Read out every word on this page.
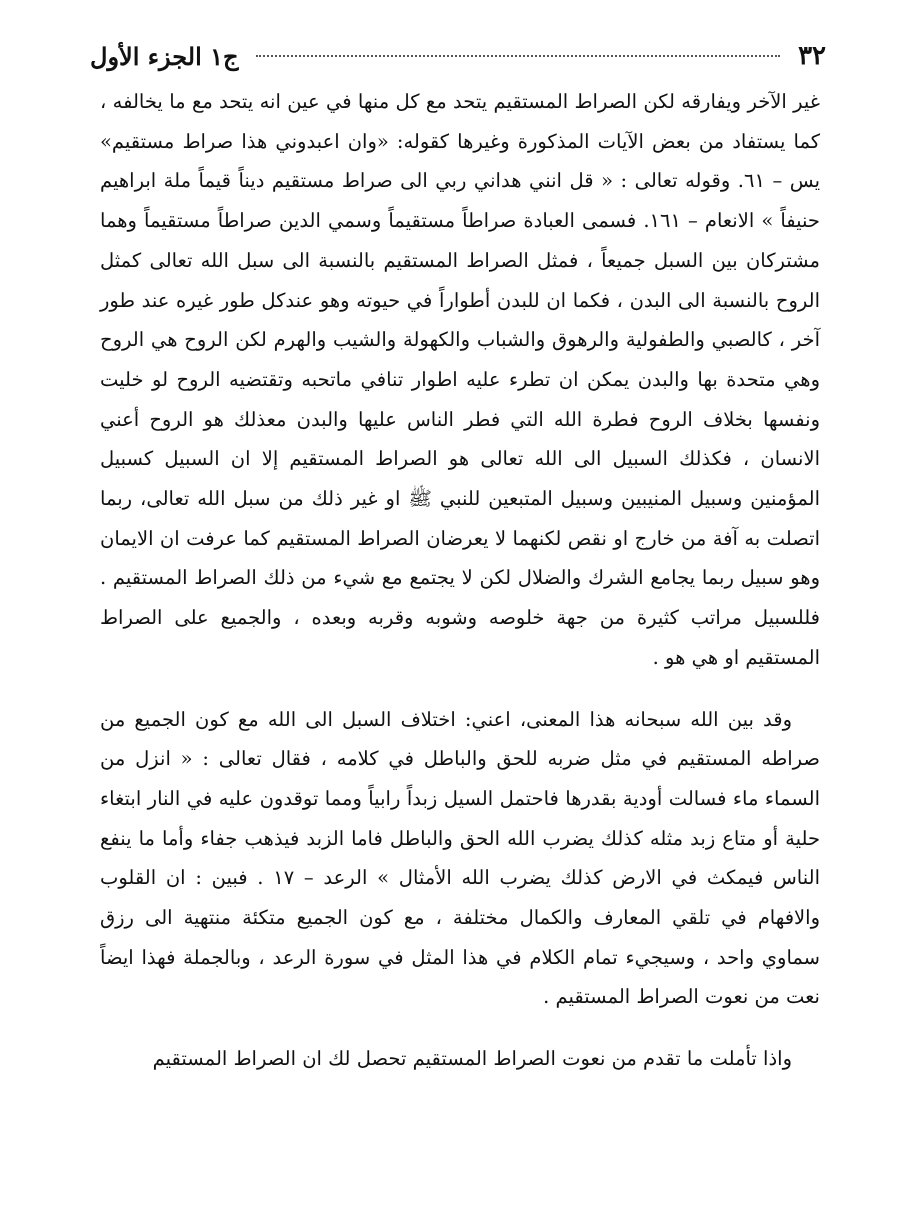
٣٢
ج١ الجزء الأول

غير الآخر ويفارقه لكن الصراط المستقيم يتحد مع كل منها في عين انه يتحد مع ما يخالفه ، كما يستفاد من بعض الآيات المذكورة وغيرها كقوله: «وان اعبدوني هذا صراط مستقيم» يس – ٦١. وقوله تعالى : « قل انني هداني ربي الى صراط مستقيم ديناً قيماً ملة ابراهيم حنيفاً » الانعام – ١٦١. فسمى العبادة صراطاً مستقيماً وسمي الدين صراطاً مستقيماً وهما مشتركان بين السبل جميعاً ، فمثل الصراط المستقيم بالنسبة الى سبل الله تعالى كمثل الروح بالنسبة الى البدن ، فكما ان للبدن أطواراً في حيوته وهو عندكل طور غيره عند طور آخر ، كالصبي والطفولية والرهوق والشباب والكهولة والشيب والهرم لكن الروح هي الروح وهي متحدة بها والبدن يمكن ان تطرء عليه اطوار تنافي ماتحبه وتقتضيه الروح لو خليت ونفسها بخلاف الروح فطرة الله التي فطر الناس عليها والبدن معذلك هو الروح أعني الانسان ، فكذلك السبيل الى الله تعالى هو الصراط المستقيم إلا ان السبيل كسبيل المؤمنين وسبيل المنيبين وسبيل المتبعين للنبي ﷺ او غير ذلك من سبل الله تعالى، ربما اتصلت به آفة من خارج او نقص لكنهما لا يعرضان الصراط المستقيم كما عرفت ان الايمان وهو سبيل ربما يجامع الشرك والضلال لكن لا يجتمع مع شيء من ذلك الصراط المستقيم . فللسبيل مراتب كثيرة من جهة خلوصه وشوبه وقربه وبعده ، والجميع على الصراط المستقيم او هي هو .

وقد بين الله سبحانه هذا المعنى، اعني: اختلاف السبل الى الله مع كون الجميع من صراطه المستقيم في مثل ضربه للحق والباطل في كلامه ، فقال تعالى : « انزل من السماء ماء فسالت أودية بقدرها فاحتمل السيل زبداً رابياً ومما توقدون عليه في النار ابتغاء حلية أو متاع زبد مثله كذلك يضرب الله الحق والباطل فاما الزبد فيذهب جفاء وأما ما ينفع الناس فيمكث في الارض كذلك يضرب الله الأمثال » الرعد – ١٧ . فبين : ان القلوب والافهام في تلقي المعارف والكمال مختلفة ، مع كون الجميع متكئة منتهية الى رزق سماوي واحد ، وسيجيء تمام الكلام في هذا المثل في سورة الرعد ، وبالجملة فهذا ايضاً نعت من نعوت الصراط المستقيم .

واذا تأملت ما تقدم من نعوت الصراط المستقيم تحصل لك ان الصراط المستقيم
